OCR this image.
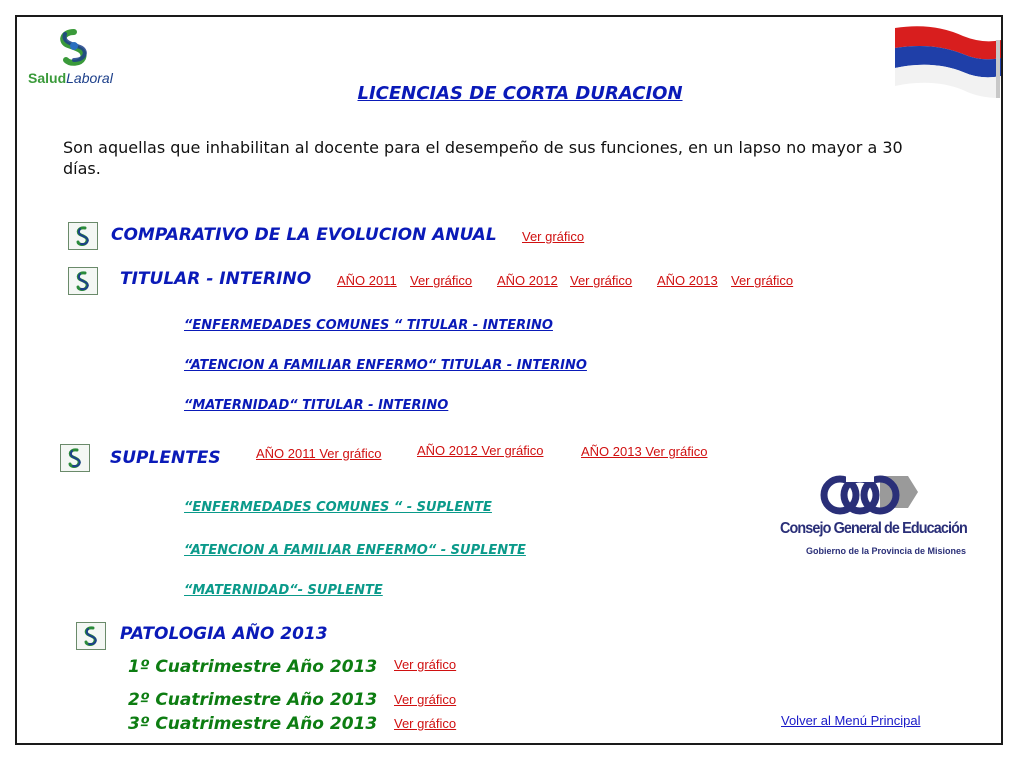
SaludLaboral
LICENCIAS DE CORTA DURACION
Son aquellas que inhabilitan al docente para el desempeño de sus funciones, en un lapso no mayor a 30 días.
COMPARATIVO DE LA EVOLUCION ANUAL Ver gráfico
TITULAR - INTERINO AÑO 2011 Ver gráfico AÑO 2012 Ver gráfico AÑO 2013 Ver gráfico
“ENFERMEDADES COMUNES “ TITULAR - INTERINO
“ATENCION A FAMILIAR ENFERMO“ TITULAR - INTERINO
“MATERNIDAD“ TITULAR - INTERINO
SUPLENTES	AÑO 2011 Ver gráfico	AÑO 2012 Ver gráfico	AÑO 2013 Ver gráfico
“ENFERMEDADES COMUNES “ - SUPLENTE
“ATENCION A FAMILIAR ENFERMO“ - SUPLENTE
“MATERNIDAD“- SUPLENTE
Consejo General de Educación
Gobierno de la Provincia de Misiones
PATOLOGIA AÑO 2013
1º Cuatrimestre Año 2013 Ver gráfico
2º Cuatrimestre Año 2013 Ver gráfico
3º Cuatrimestre Año 2013 Ver gráfico	Volver al Menú Principal
